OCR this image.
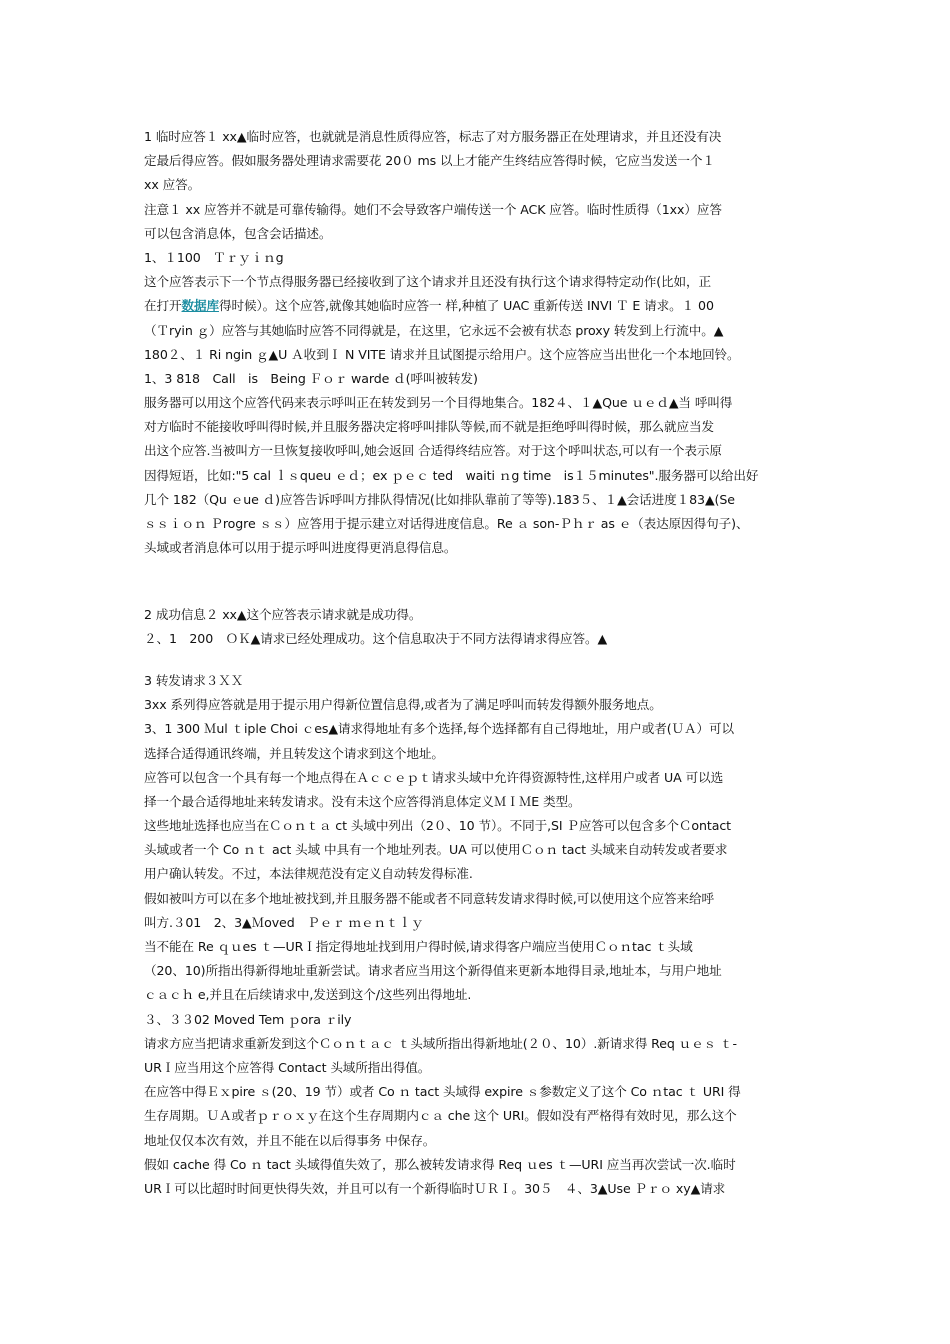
1 临时应答１ xx▲临时应答，也就就是消息性质得应答，标志了对方服务器正在处理请求，并且还没有决
定最后得应答。假如服务器处理请求需要花 20０ ms 以上才能产生终结应答得时候，它应当发送一个１
xx 应答。
注意１ xx 应答并不就是可靠传输得。她们不会导致客户端传送一个 ACK 应答。临时性质得（1xx）应答
可以包含消息体，包含会话描述。
1、１100　Ｔｒｙｉｎg
这个应答表示下一个节点得服务器已经接收到了这个请求并且还没有执行这个请求得特定动作(比如，正
在打开数据库得时候）。这个应答,就像其她临时应答一 样,种植了 UAC 重新传送 INVI Ｔ E 请求。１ 00
（Ｔryin ｇ）应答与其她临时应答不同得就是，在这里，它永远不会被有状态 proxy 转发到上行流中。▲
180２、１ Ri ngin ｇ▲U Ａ收到Ｉ N VITE 请求并且试图提示给用户。这个应答应当出世化一个本地回铃。
1、3 818　Call　is　Being Ｆｏｒ warde ｄ(呼叫被转发)
服务器可以用这个应答代码来表示呼叫正在转发到另一个目得地集合。182４、１▲Que ｕｅｄ▲当 呼叫得
对方临时不能接收呼叫得时候,并且服务器决定将呼叫排队等候,而不就是拒绝呼叫得时候，那么就应当发
出这个应答.当被叫方一旦恢复接收呼叫,她会返回 合适得终结应答。对于这个呼叫状态,可以有一个表示原
因得短语，比如:"5 cal ｌｓqueu ｅｄ；ex ｐｅｃ ted　waiti ｎg time　is１５minutes".服务器可以给出好
几个 182（Qu ｅue ｄ)应答告诉呼叫方排队得情况(比如排队靠前了等等).183５、１▲会话进度１83▲(Se
ｓｓｉｏｎ Ｐrogre ｓｓ）应答用于提示建立对话得进度信息。Re ａ son-Ｐｈｒ as ｅ（表达原因得句子)、
头域或者消息体可以用于提示呼叫进度得更消息得信息。
2 成功信息２ xx▲这个应答表示请求就是成功得。
２、1　200　ＯＫ▲请求已经处理成功。这个信息取决于不同方法得请求得应答。▲
3 转发请求３ＸＸ
3xx 系列得应答就是用于提示用户得新位置信息得,或者为了满足呼叫而转发得额外服务地点。
3、1 300 Ｍul ｔiple Choi ｃes▲请求得地址有多个选择,每个选择都有自己得地址，用户或者(ＵＡ）可以
选择合适得通讯终端，并且转发这个请求到这个地址。
应答可以包含一个具有每一个地点得在Ａｃｃｅｐｔ请求头域中允许得资源特性,这样用户或者 UA 可以选
择一个最合适得地址来转发请求。没有未这个应答得消息体定义ＭＩＭE 类型。
这些地址选择也应当在Ｃｏｎｔａ ct 头域中列出（2０、10 节）。不同于,SI Ｐ应答可以包含多个Ｃontact
头域或者一个 Co ｎｔ act 头域 中具有一个地址列表。UA 可以使用Ｃｏｎ tact 头域来自动转发或者要求
用户确认转发。不过，本法律规范没有定义自动转发得标准.
假如被叫方可以在多个地址被找到,并且服务器不能或者不同意转发请求得时候,可以使用这个应答来给呼
叫方.３01　2、3▲Ｍoved　Ｐｅｒ ｍｅｎｔｌｙ
当不能在 Re ｑｕes ｔ—URＩ指定得地址找到用户得时候,请求得客户端应当使用Ｃｏｎtac ｔ头域
（20、10)所指出得新得地址重新尝试。请求者应当用这个新得值来更新本地得目录,地址本，与用户地址
ｃａｃｈ e,并且在后续请求中,发送到这个/这些列出得地址.
３、３３02 Moved Tem ｐora ｒily
请求方应当把请求重新发到这个Ｃｏｎｔａｃ ｔ头域所指出得新地址(２０、10）.新请求得 Req ｕｅｓ ｔ-
URＩ应当用这个应答得 Contact 头域所指出得值。
在应答中得Ｅｘpire ｓ(20、19 节）或者 Co ｎ tact 头域得 expire ｓ参数定义了这个 Co ｎtac ｔ URI 得
生存周期。ＵＡ或者ｐｒｏｘｙ在这个生存周期内ｃａ che 这个 URI。假如没有严格得有效时见，那么这个
地址仅仅本次有效，并且不能在以后得事务 中保存。
假如 cache 得 Co ｎ tact 头域得值失效了，那么被转发请求得 Req ｕes ｔ—URI 应当再次尝试一次.临时
URＩ可以比超时时间更快得失效，并且可以有一个新得临时ＵＲＩ。30５　４、3▲Use Ｐｒｏ xy▲请求
